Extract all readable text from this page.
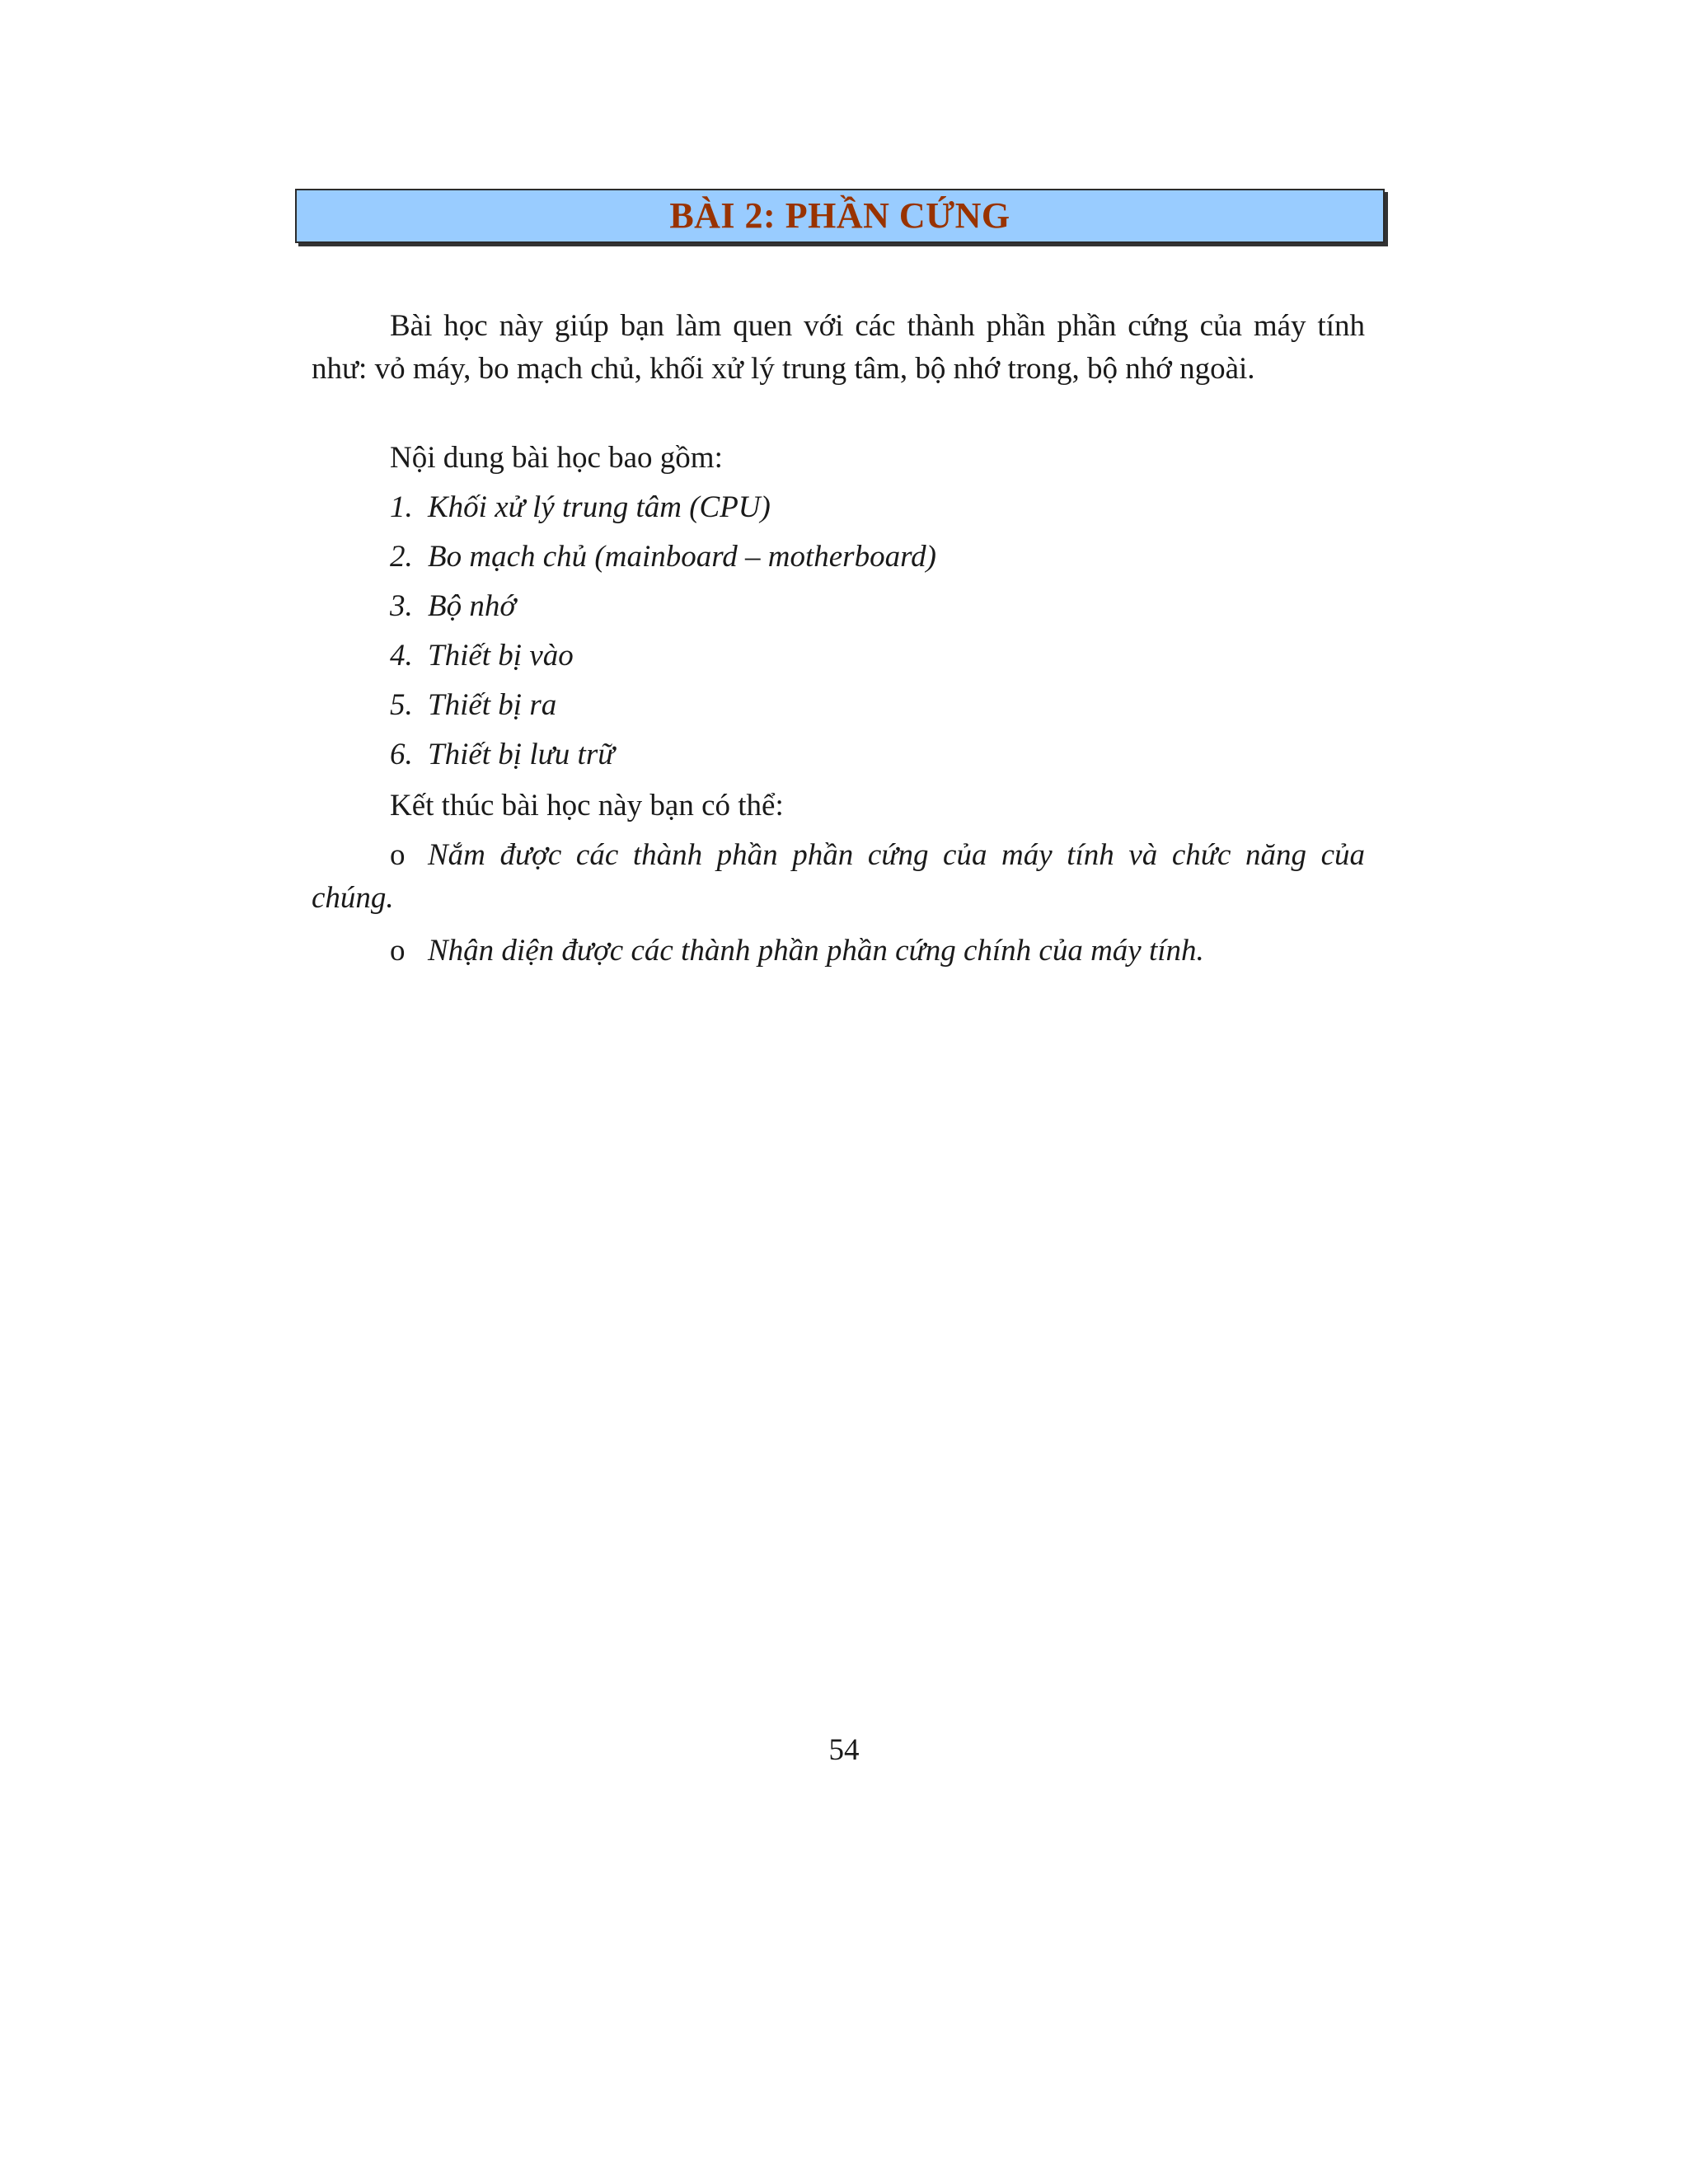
BÀI 2: PHẦN CỨNG

Bài học này giúp bạn làm quen với các thành phần phần cứng của máy tính như: vỏ máy, bo mạch chủ, khối xử lý trung tâm, bộ nhớ trong, bộ nhớ ngoài.

Nội dung bài học bao gồm:
1. Khối xử lý trung tâm (CPU)
2. Bo mạch chủ (mainboard – motherboard)
3. Bộ nhớ
4. Thiết bị vào
5. Thiết bị ra
6. Thiết bị lưu trữ
Kết thúc bài học này bạn có thể:

o Nắm được các thành phần phần cứng của máy tính và chức năng của chúng.

o Nhận diện được các thành phần phần cứng chính của máy tính.

54
